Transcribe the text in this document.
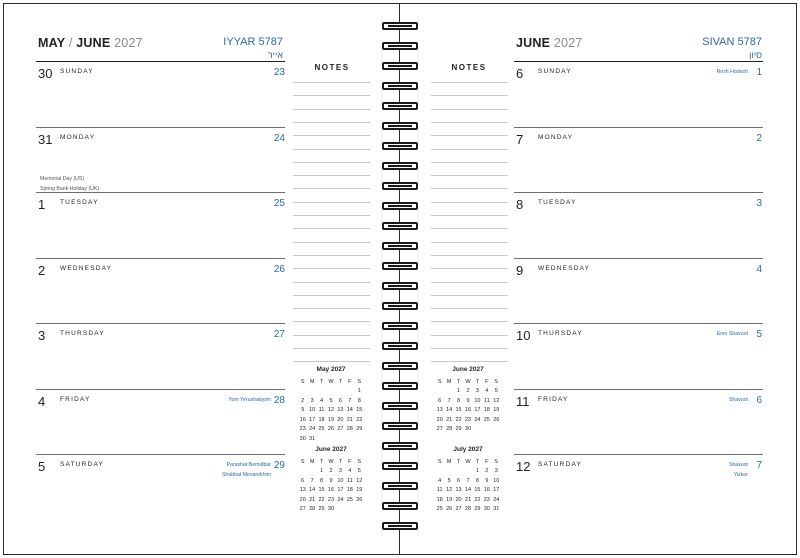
MAY / JUNE 2027	IYYAR 5787
אייר
30 SUNDAY	23
31 MONDAY	24
Memorial Day (US)
Spring Bank Holiday (UK)
1 TUESDAY	25
2 WEDNESDAY	26
3 THURSDAY	27
4 FRIDAY	28
Yom Yerushalayim
5 SATURDAY	29
Parashat Bemidbar
Shabbat Mevarekhim
NOTES	NOTES
May 2027
S	M	T	W	T	F	S
						1
2	3	4	5	6	7	8
9	10	11	12	13	14	15
16	17	18	19	20	21	22
23	24	25	26	27	28	29
30	31					
June 2027
S	M	T	W	T	F	S
		1	2	3	4	5
6	7	8	9	10	11	12
13	14	15	16	17	18	19
20	21	22	23	24	25	26
27	28	29	30			
June 2027
S	M	T	W	T	F	S
		1	2	3	4	5
6	7	8	9	10	11	12
13	14	15	16	17	18	19
20	21	22	23	24	25	26
27	28	29	30			
July 2027
S	M	T	W	T	F	S
				1	2	3
4	5	6	7	8	9	10
11	12	13	14	15	16	17
18	19	20	21	22	23	24
25	26	27	28	29	30	31
JUNE 2027	SIVAN 5787
סיון
6 SUNDAY	1
Rosh Hodesh
7 MONDAY	2
8 TUESDAY	3
9 WEDNESDAY	4
10 THURSDAY	5
Erev Shavuot
11 FRIDAY	6
Shavuot
12 SATURDAY	7
Shavuot
Yizkor
